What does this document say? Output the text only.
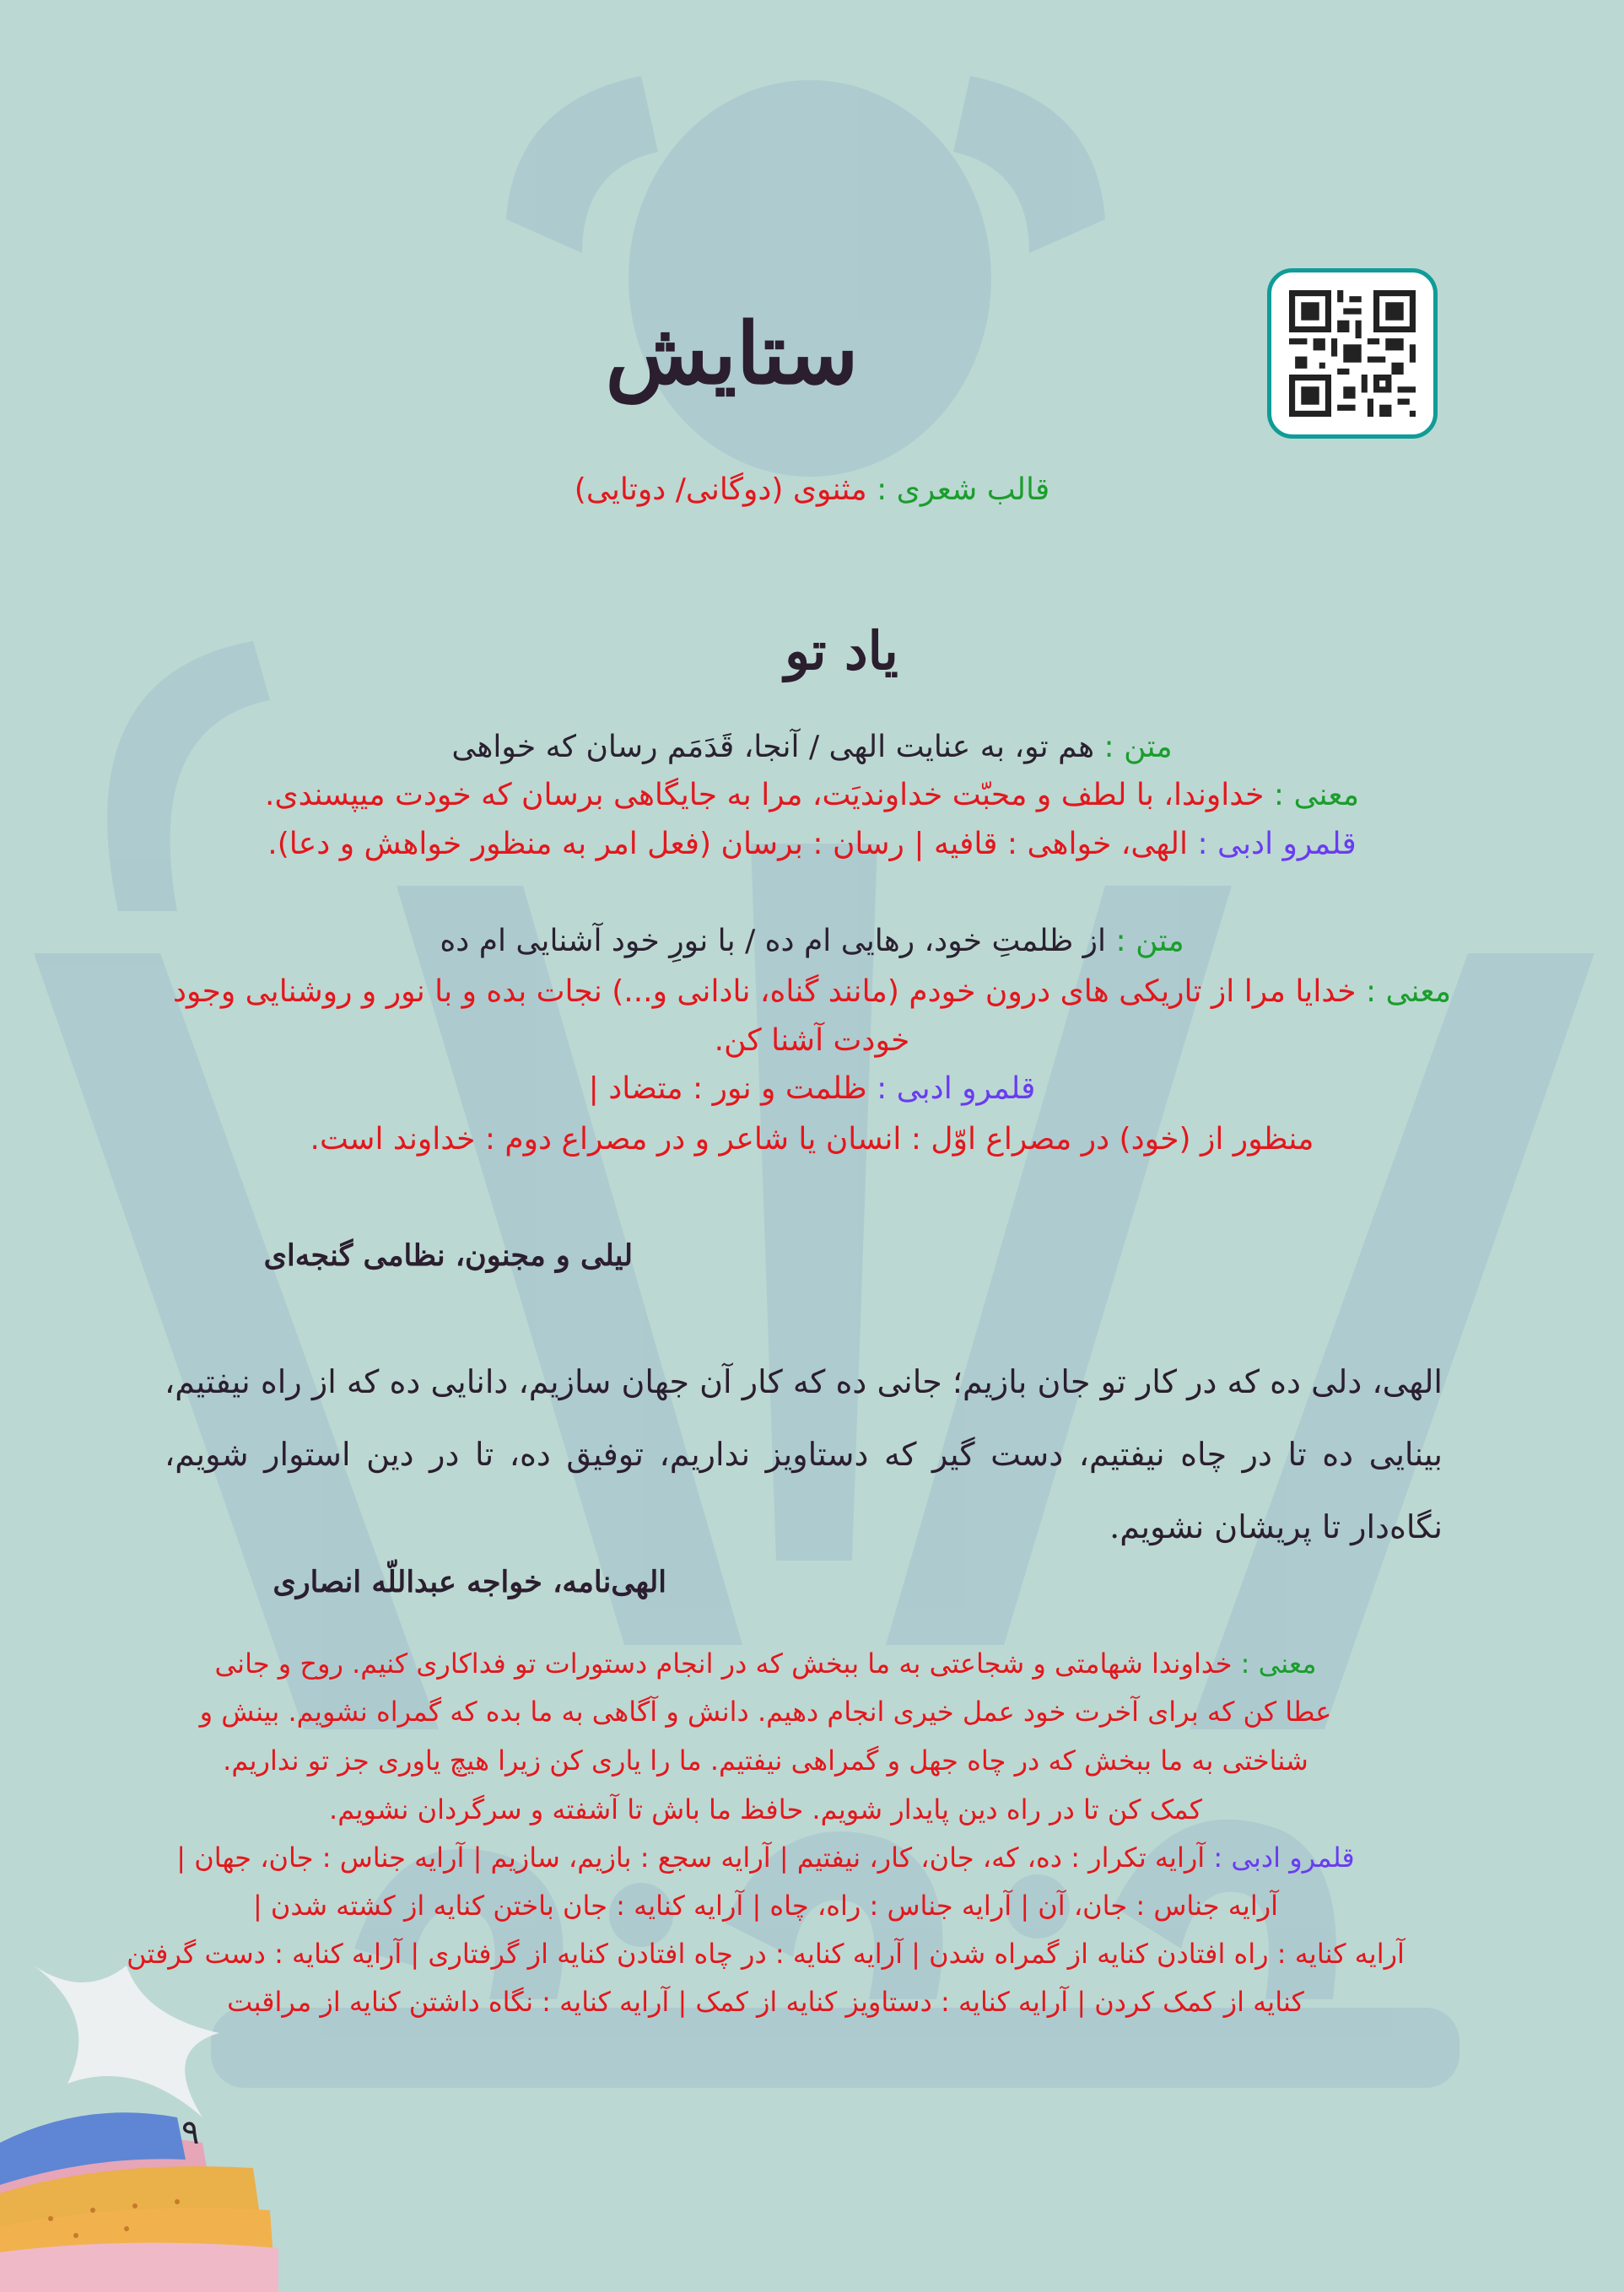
ستایش
قالب شعری : مثنوی (دوگانی/ دوتایی)
یاد تو
متن : هم تو، به عنایت الهی / آنجا، قَدَمَم رسان که خواهی
معنی : خداوندا، با لطف و محبّت خداوندیَت، مرا به جایگاهی برسان که خودت میپسندی.
قلمرو ادبی : الهی، خواهی : قافیه | رسان : برسان (فعل امر به منظور خواهش و دعا).
متن : از ظلمتِ خود، رهایی ام ده / با نورِ خود آشنایی ام ده
معنی : خدایا مرا از تاریکی های درون خودم (مانند گناه، نادانی و...) نجات بده و با نور و روشنایی وجود
خودت آشنا کن.
قلمرو ادبی : ظلمت و نور : متضاد |
منظور از (خود) در مصراع اوّل : انسان یا شاعر و در مصراع دوم : خداوند است.
لیلی و مجنون، نظامی گنجه‌ای
الهی، دلی ده که در کار تو جان بازیم؛ جانی ده که کار آن جهان سازیم، دانایی ده که از راه نیفتیم، بینایی ده تا در چاه نیفتیم، دست گیر که دستاویز نداریم، توفیق ده، تا در دین استوار شویم، نگاه‌دار تا پریشان نشویم.
الهی‌نامه، خواجه عبداللّه انصاری
معنی : خداوندا شهامتی و شجاعتی به ما ببخش که در انجام دستورات تو فداکاری کنیم. روح و جانی
عطا کن که برای آخرت خود عمل خیری انجام دهیم. دانش و آگاهی به ما بده که گمراه نشویم. بینش و
شناختی به ما ببخش که در چاه جهل و گمراهی نیفتیم. ما را یاری کن زیرا هیچ یاوری جز تو نداریم.
کمک کن تا در راه دین پایدار شویم. حافظ ما باش تا آشفته و سرگردان نشویم.
قلمرو ادبی : آرایه تکرار : ده، که، جان، کار، نیفتیم | آرایه سجع : بازیم، سازیم | آرایه جناس : جان، جهان |
آرایه جناس : جان، آن | آرایه جناس : راه، چاه | آرایه کنایه : جان باختن کنایه از کشته شدن |
آرایه کنایه : راه افتادن کنایه از گمراه شدن | آرایه کنایه : در چاه افتادن کنایه از گرفتاری | آرایه کنایه : دست گرفتن
کنایه از کمک کردن | آرایه کنایه : دستاویز کنایه از کمک | آرایه کنایه : نگاه داشتن کنایه از مراقبت
۹
